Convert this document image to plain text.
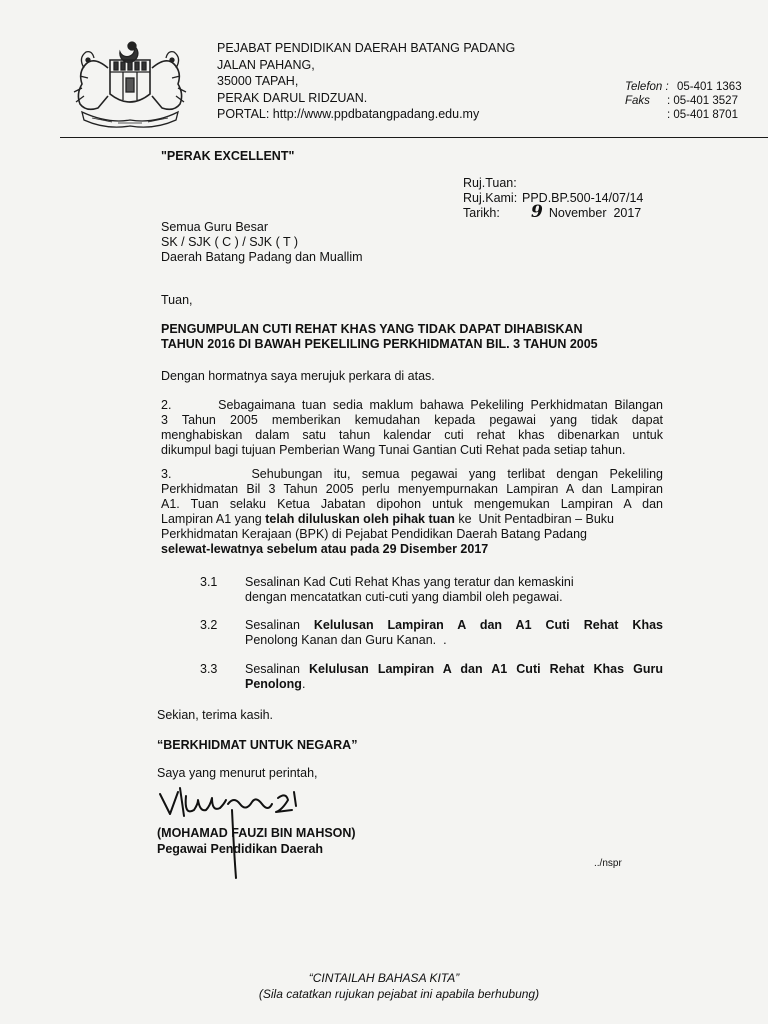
PEJABAT PENDIDIKAN DAERAH BATANG PADANG
JALAN PAHANG,
35000 TAPAH,
PERAK DARUL RIDZUAN.
PORTAL: http://www.ppdbatangpadang.edu.my
Telefon : 05-401 1363
Faks	: 05-401 3527
: 05-401 8701
"PERAK EXCELLENT"
Ruj.Tuan:
Ruj.Kami: PPD.BP.500-14/07/14
Tarikh:	9 November  2017
Semua Guru Besar
SK / SJK ( C ) / SJK ( T )
Daerah Batang Padang dan Muallim
Tuan,
PENGUMPULAN CUTI REHAT KHAS YANG TIDAK DAPAT DIHABISKAN
TAHUN 2016 DI BAWAH PEKELILING PERKHIDMATAN BIL. 3 TAHUN 2005
Dengan hormatnya saya merujuk perkara di atas.
2.       Sebagaimana tuan sedia maklum bahawa Pekeliling Perkhidmatan Bilangan
3 Tahun 2005 memberikan kemudahan kepada pegawai yang tidak dapat
menghabiskan dalam satu tahun kalendar cuti rehat khas dibenarkan untuk
dikumpul bagi tujuan Pemberian Wang Tunai Gantian Cuti Rehat pada setiap tahun.
3.       Sehubungan itu, semua pegawai yang terlibat dengan Pekeliling
Perkhidmatan Bil 3 Tahun 2005 perlu menyempurnakan Lampiran A dan Lampiran
A1. Tuan selaku Ketua Jabatan dipohon untuk mengemukan Lampiran A dan
Lampiran A1 yang telah diluluskan oleh pihak tuan ke  Unit Pentadbiran – Buku
Perkhidmatan Kerajaan (BPK) di Pejabat Pendidikan Daerah Batang Padang
selewat-lewatnya sebelum atau pada 29 Disember 2017
3.1	Sesalinan Kad Cuti Rehat Khas yang teratur dan kemaskini
dengan mencatatkan cuti-cuti yang diambil oleh pegawai.
3.2	Sesalinan Kelulusan Lampiran A dan A1 Cuti Rehat Khas
Penolong Kanan dan Guru Kanan.  .
3.3	Sesalinan Kelulusan Lampiran A dan A1 Cuti Rehat Khas Guru
Penolong.
Sekian, terima kasih.
“BERKHIDMAT UNTUK NEGARA”
Saya yang menurut perintah,
(MOHAMAD FAUZI BIN MAHSON)
Pegawai Pendidikan Daerah
../nspr
“CINTAILAH BAHASA KITA”
(Sila catatkan rujukan pejabat ini apabila berhubung)
